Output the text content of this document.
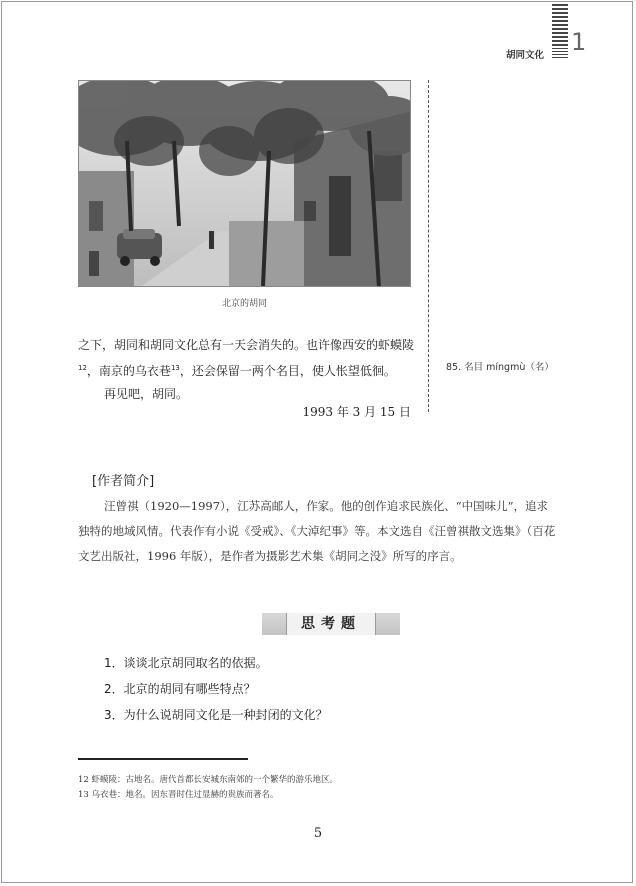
胡同文化 1
北京的胡同

之下，胡同和胡同文化总有一天会消失的。也许像西安的虾蟆陵$^{12}$，南京的乌衣巷$^{13}$，还会保留一两个名目，使人怅望低徊。

再见吧，胡同。

1993 年 3 月 15 日
85. 名目 míngmù（名）
[作者简介]

汪曾祺（1920—1997），江苏高邮人，作家。他的创作追求民族化、“中国味儿”，追求独特的地域风情。代表作有小说《受戒》、《大淖纪事》等。本文选自《汪曾祺散文选集》（百花文艺出版社，1996 年版），是作者为摄影艺术集《胡同之没》所写的序言。

思考题
1．谈谈北京胡同取名的依据。
2．北京的胡同有哪些特点？
3．为什么说胡同文化是一种封闭的文化？
12 虾蟆陵：古地名。唐代首都长安城东南郊的一个繁华的游乐地区。
13 乌衣巷：地名。因东晋时住过显赫的贵族而著名。
5
